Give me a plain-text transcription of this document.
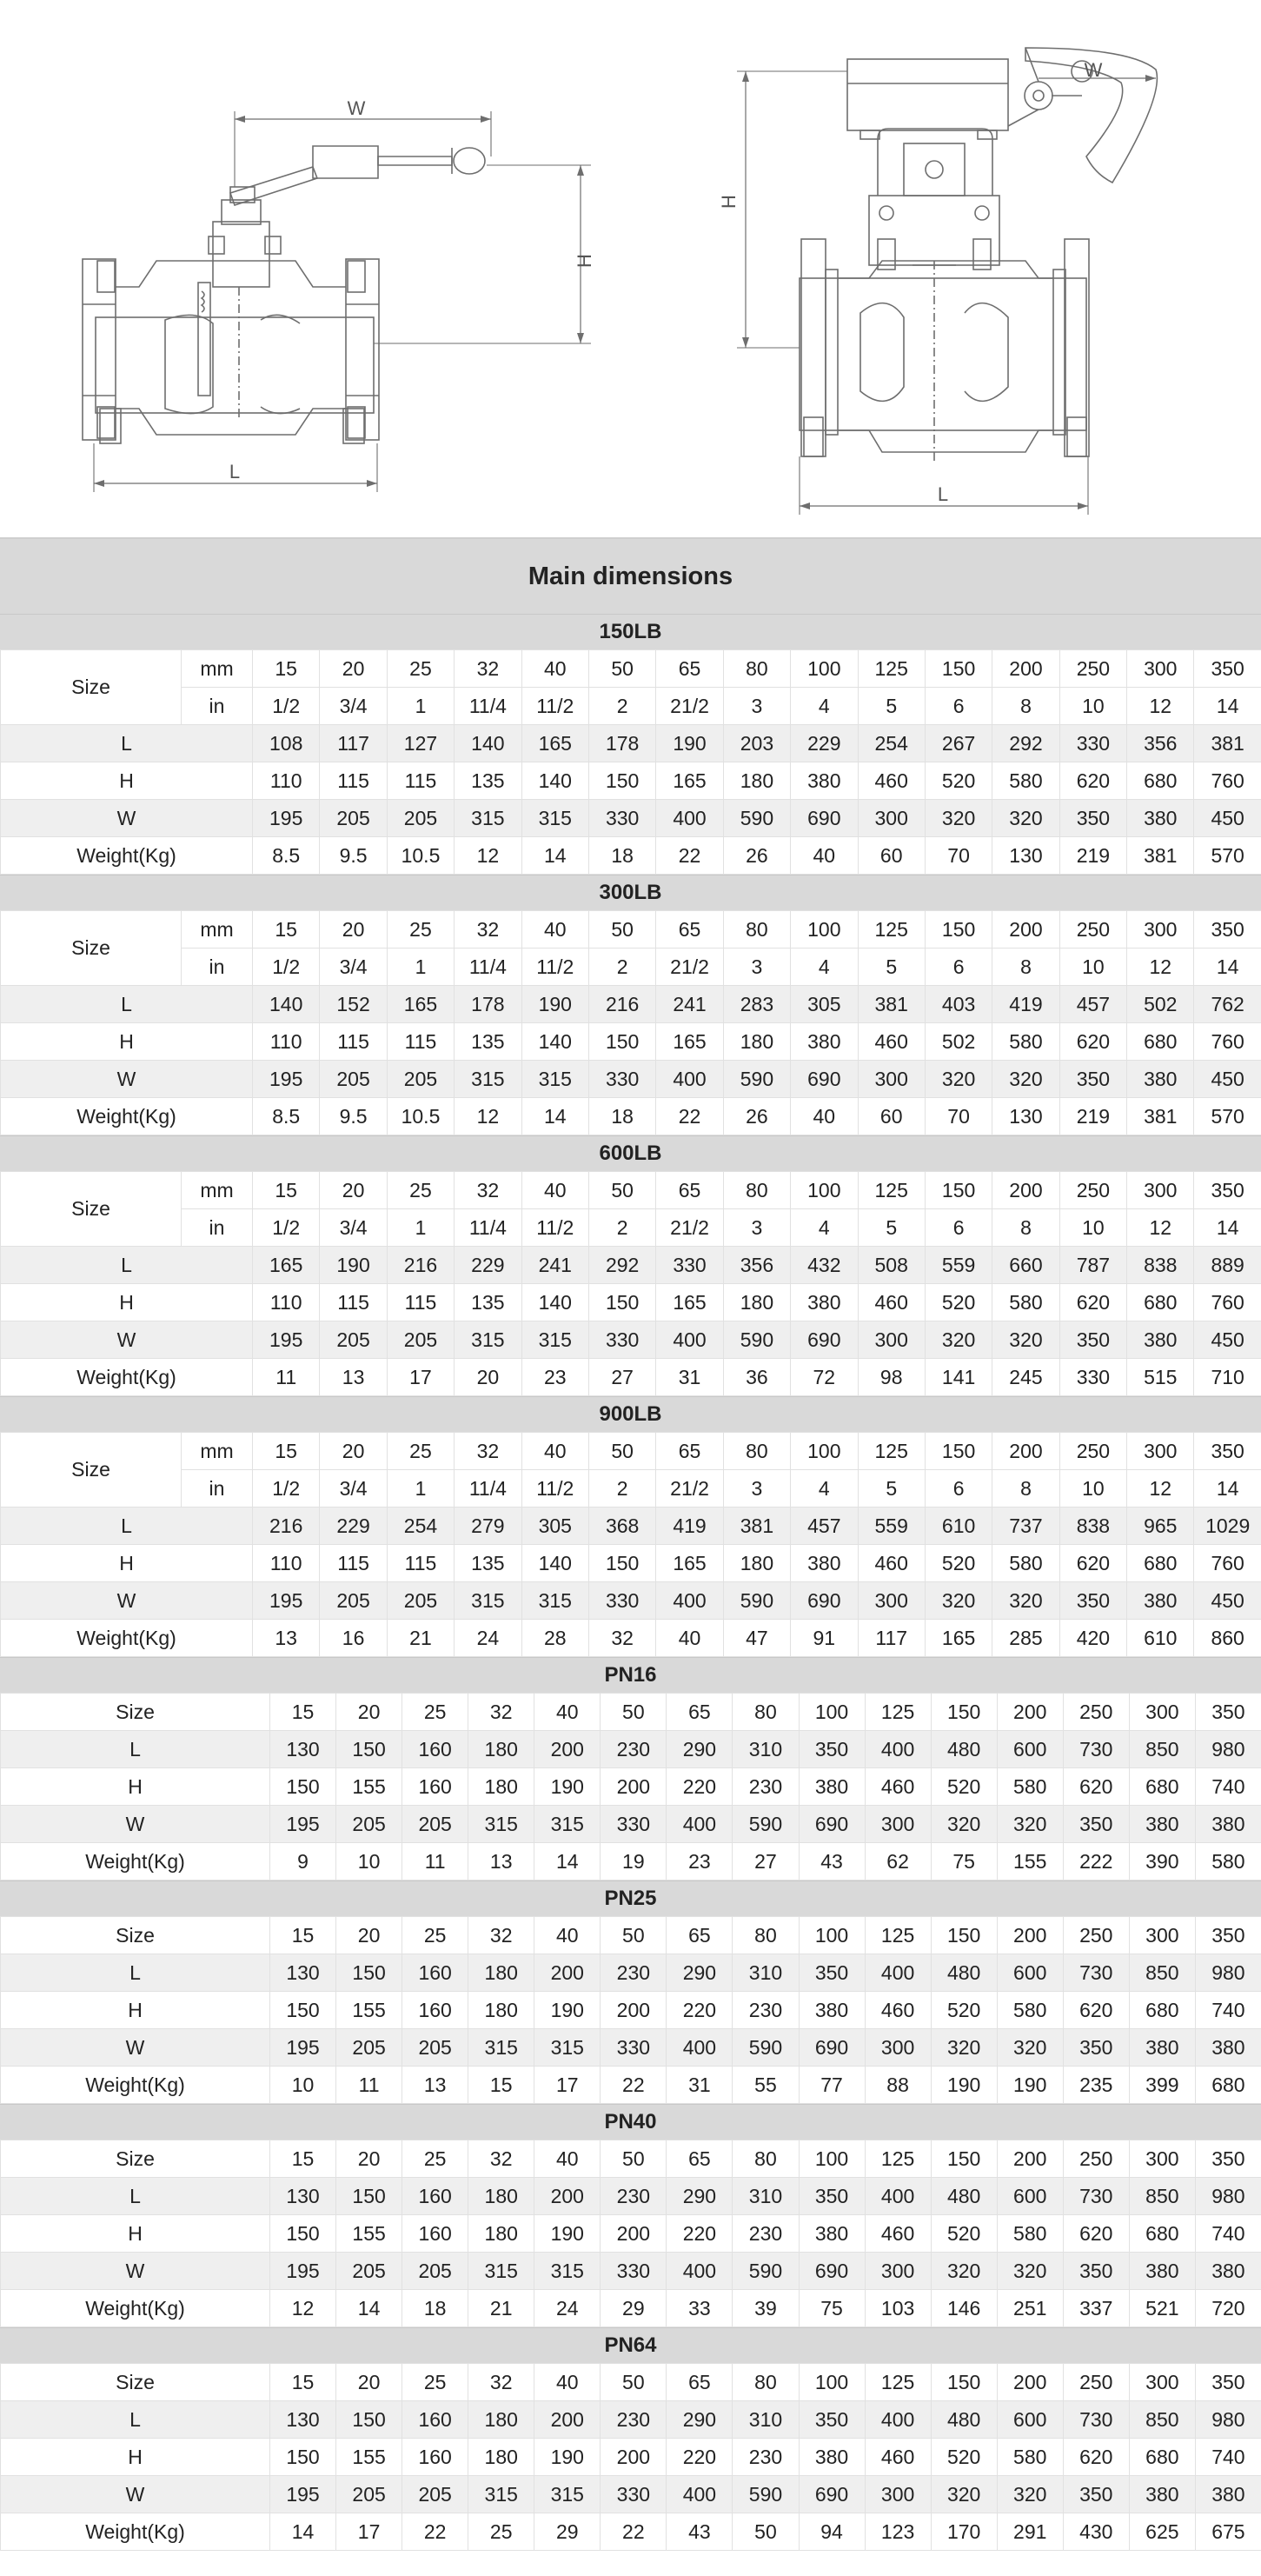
W
H
L
W
H
L
Main dimensions
150LB
Size	mm	15	20	25	32	40	50	65	80	100	125	150	200	250	300	350
	in	1/2	3/4	1	11/4	11/2	2	21/2	3	4	5	6	8	10	12	14
L		108	117	127	140	165	178	190	203	229	254	267	292	330	356	381
H		110	115	115	135	140	150	165	180	380	460	520	580	620	680	760
W		195	205	205	315	315	330	400	590	690	300	320	320	350	380	450
Weight(Kg)		8.5	9.5	10.5	12	14	18	22	26	40	60	70	130	219	381	570
300LB
Size	mm	15	20	25	32	40	50	65	80	100	125	150	200	250	300	350
	in	1/2	3/4	1	11/4	11/2	2	21/2	3	4	5	6	8	10	12	14
L		140	152	165	178	190	216	241	283	305	381	403	419	457	502	762
H		110	115	115	135	140	150	165	180	380	460	502	580	620	680	760
W		195	205	205	315	315	330	400	590	690	300	320	320	350	380	450
Weight(Kg)		8.5	9.5	10.5	12	14	18	22	26	40	60	70	130	219	381	570
600LB
Size	mm	15	20	25	32	40	50	65	80	100	125	150	200	250	300	350
	in	1/2	3/4	1	11/4	11/2	2	21/2	3	4	5	6	8	10	12	14
L		165	190	216	229	241	292	330	356	432	508	559	660	787	838	889
H		110	115	115	135	140	150	165	180	380	460	520	580	620	680	760
W		195	205	205	315	315	330	400	590	690	300	320	320	350	380	450
Weight(Kg)		11	13	17	20	23	27	31	36	72	98	141	245	330	515	710
900LB
Size	mm	15	20	25	32	40	50	65	80	100	125	150	200	250	300	350
	in	1/2	3/4	1	11/4	11/2	2	21/2	3	4	5	6	8	10	12	14
L		216	229	254	279	305	368	419	381	457	559	610	737	838	965	1029
H		110	115	115	135	140	150	165	180	380	460	520	580	620	680	760
W		195	205	205	315	315	330	400	590	690	300	320	320	350	380	450
Weight(Kg)		13	16	21	24	28	32	40	47	91	117	165	285	420	610	860
PN16
Size	15	20	25	32	40	50	65	80	100	125	150	200	250	300	350
L	130	150	160	180	200	230	290	310	350	400	480	600	730	850	980
H	150	155	160	180	190	200	220	230	380	460	520	580	620	680	740
W	195	205	205	315	315	330	400	590	690	300	320	320	350	380	380
Weight(Kg)	9	10	11	13	14	19	23	27	43	62	75	155	222	390	580
PN25
Size	15	20	25	32	40	50	65	80	100	125	150	200	250	300	350
L	130	150	160	180	200	230	290	310	350	400	480	600	730	850	980
H	150	155	160	180	190	200	220	230	380	460	520	580	620	680	740
W	195	205	205	315	315	330	400	590	690	300	320	320	350	380	380
Weight(Kg)	10	11	13	15	17	22	31	55	77	88	190	190	235	399	680
PN40
Size	15	20	25	32	40	50	65	80	100	125	150	200	250	300	350
L	130	150	160	180	200	230	290	310	350	400	480	600	730	850	980
H	150	155	160	180	190	200	220	230	380	460	520	580	620	680	740
W	195	205	205	315	315	330	400	590	690	300	320	320	350	380	380
Weight(Kg)	12	14	18	21	24	29	33	39	75	103	146	251	337	521	720
PN64
Size	15	20	25	32	40	50	65	80	100	125	150	200	250	300	350
L	130	150	160	180	200	230	290	310	350	400	480	600	730	850	980
H	150	155	160	180	190	200	220	230	380	460	520	580	620	680	740
W	195	205	205	315	315	330	400	590	690	300	320	320	350	380	380
Weight(Kg)	14	17	22	25	29	22	43	50	94	123	170	291	430	625	675
